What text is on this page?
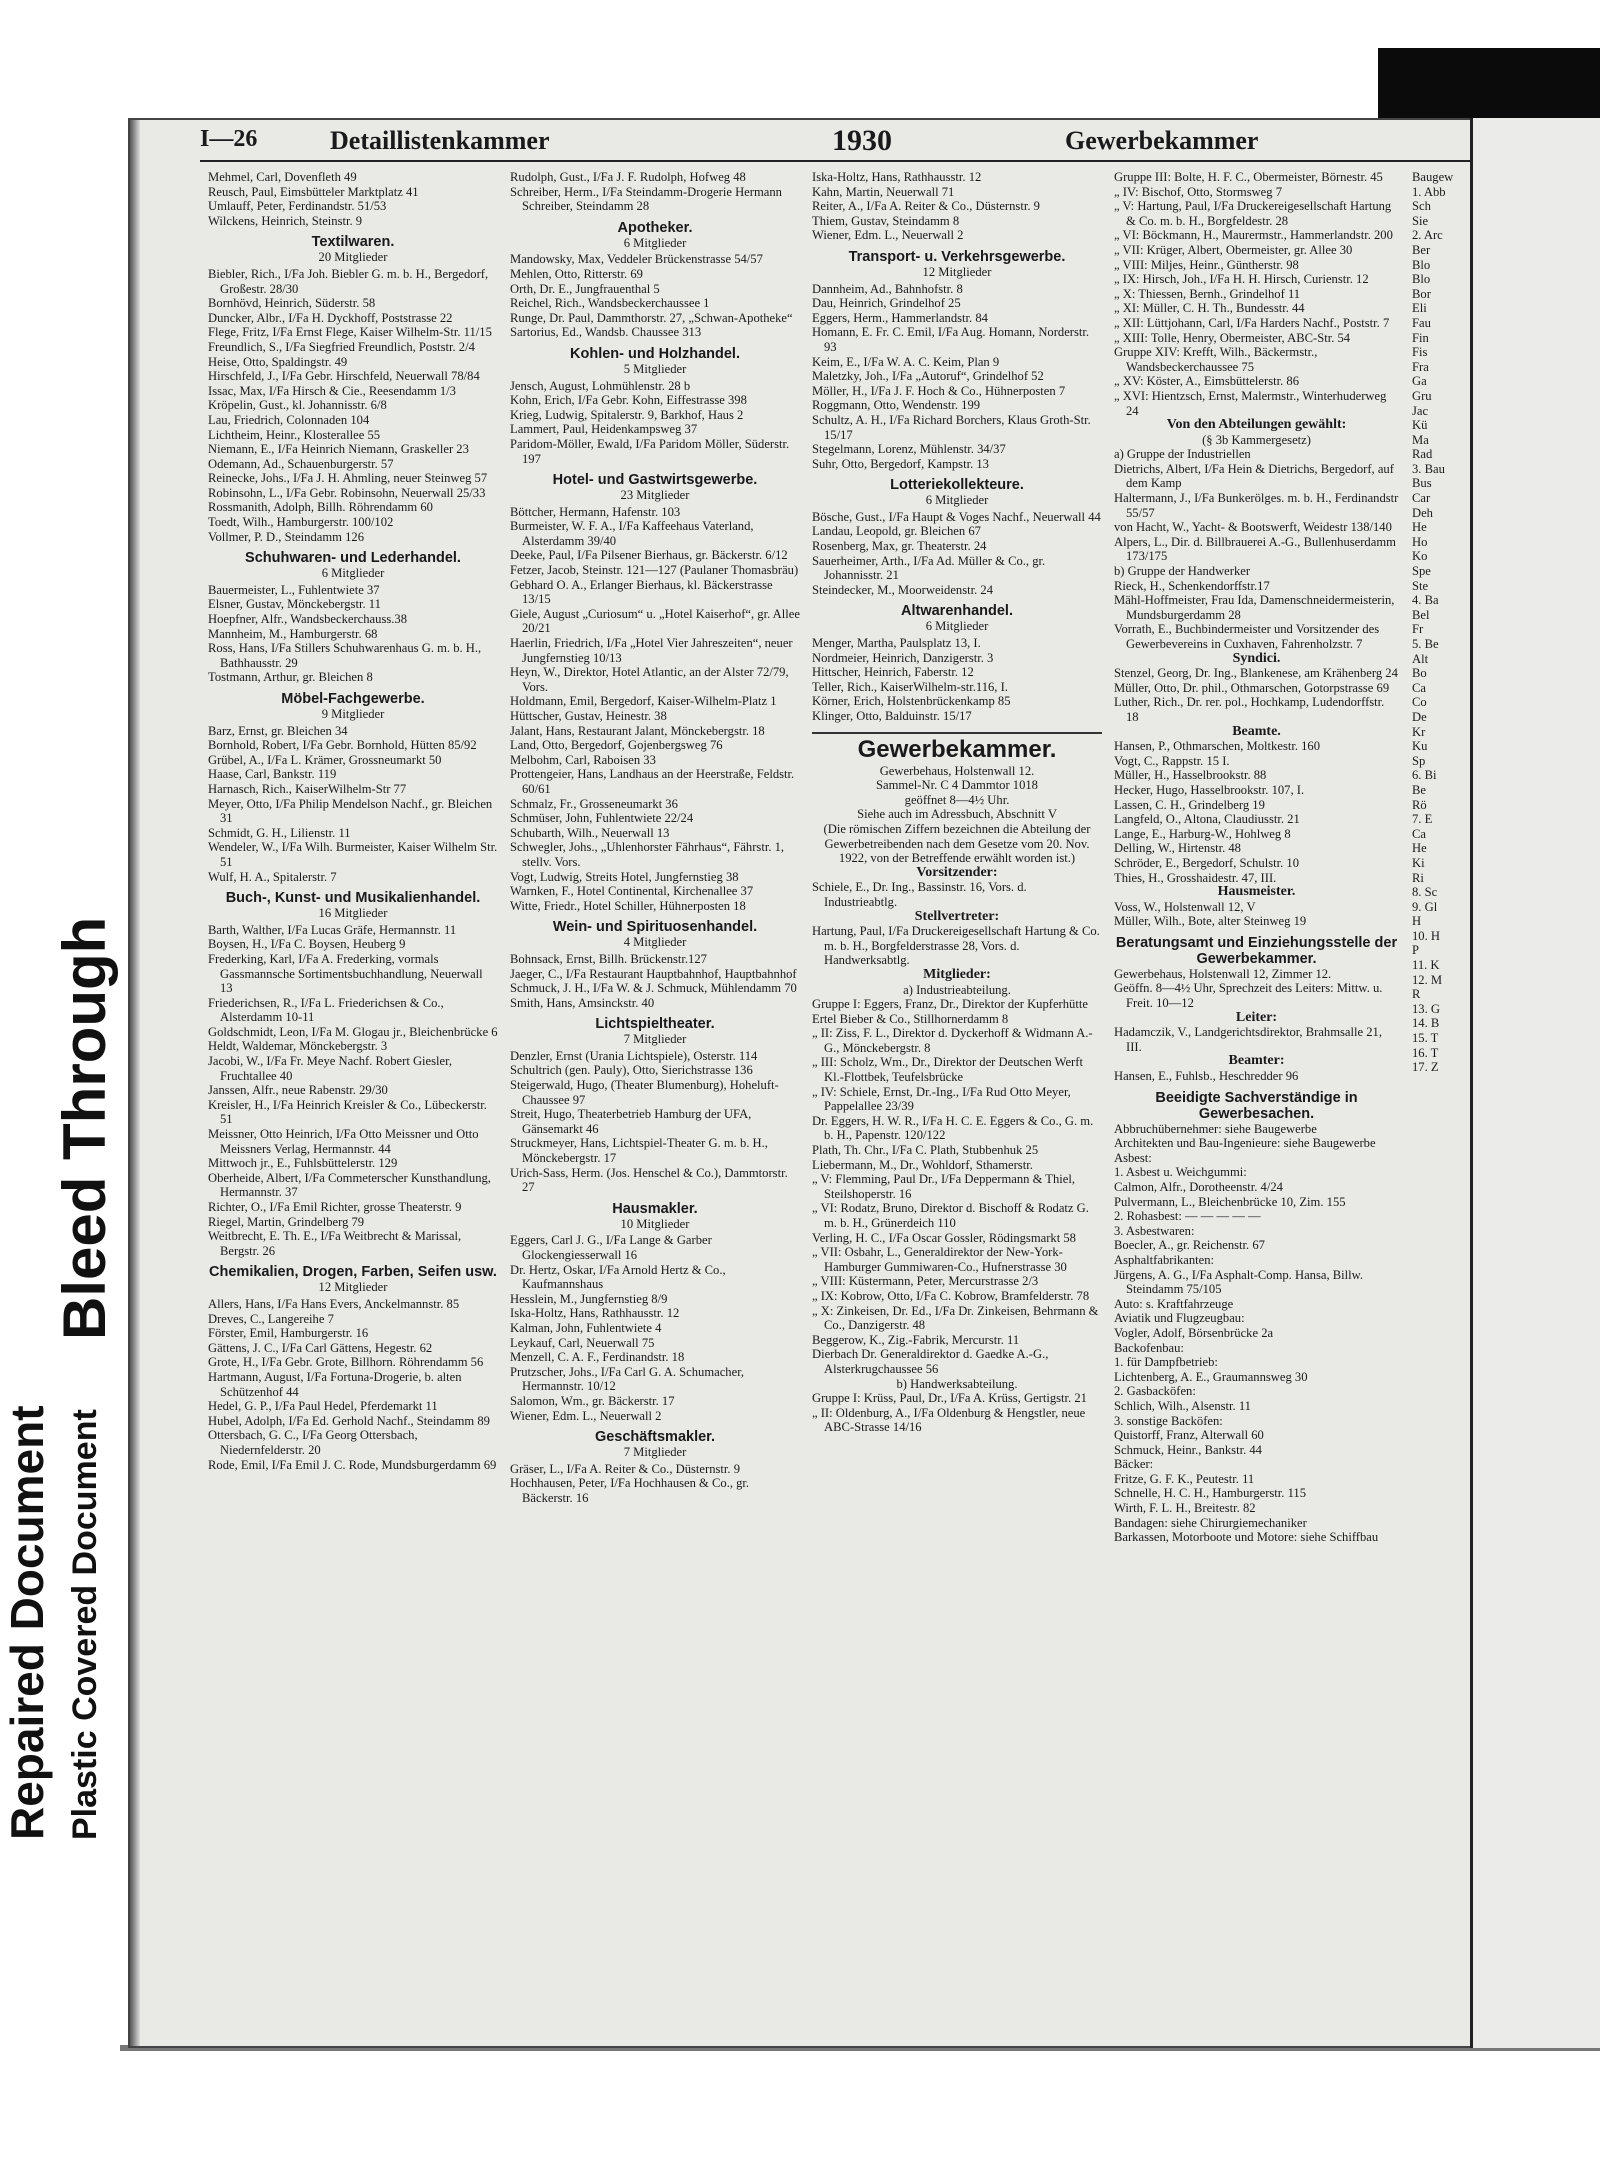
Repaired Document Plastic Covered Document
Bleed Through
I—26	Detaillistenkammer	1930	Gewerbekammer
Mehmel, Carl, Dovenfleth 49
Reusch, Paul, Eimsbütteler Marktplatz 41
Umlauff, Peter, Ferdinandstr. 51/53
Wilckens, Heinrich, Steinstr. 9
Textilwaren.
20 Mitglieder
Biebler, Rich., I/Fa Joh. Biebler G. m. b. H., Bergedorf, Großestr. 28/30
Bornhövd, Heinrich, Süderstr. 58
Duncker, Albr., I/Fa H. Dyckhoff, Poststrasse 22
Flege, Fritz, I/Fa Ernst Flege, Kaiser Wilhelm-Str. 11/15
Freundlich, S., I/Fa Siegfried Freundlich, Poststr. 2/4
Heise, Otto, Spaldingstr. 49
Hirschfeld, J., I/Fa Gebr. Hirschfeld, Neuerwall 78/84
Issac, Max, I/Fa Hirsch & Cie., Reesendamm 1/3
Kröpelin, Gust., kl. Johannisstr. 6/8
Lau, Friedrich, Colonnaden 104
Lichtheim, Heinr., Klosterallee 55
Niemann, E., I/Fa Heinrich Niemann, Graskeller 23
Odemann, Ad., Schauenburgerstr. 57
Reinecke, Johs., I/Fa J. H. Ahmling, neuer Steinweg 57
Robinsohn, L., I/Fa Gebr. Robinsohn, Neuerwall 25/33
Rossmanith, Adolph, Billh. Röhrendamm 60
Toedt, Wilh., Hamburgerstr. 100/102
Vollmer, P. D., Steindamm 126
Schuhwaren- und Lederhandel.
6 Mitglieder
Bauermeister, L., Fuhlentwiete 37
Elsner, Gustav, Mönckebergstr. 11
Hoepfner, Alfr., Wandsbeckerchauss.38
Mannheim, M., Hamburgerstr. 68
Ross, Hans, I/Fa Stillers Schuhwarenhaus G. m. b. H., Bathhausstr. 29
Tostmann, Arthur, gr. Bleichen 8
Möbel-Fachgewerbe.
9 Mitglieder
Barz, Ernst, gr. Bleichen 34
Bornhold, Robert, I/Fa Gebr. Bornhold, Hütten 85/92
Grübel, A., I/Fa L. Krämer, Grossneumarkt 50
Haase, Carl, Bankstr. 119
Harnasch, Rich., KaiserWilhelm-Str 77
Meyer, Otto, I/Fa Philip Mendelson Nachf., gr. Bleichen 31
Schmidt, G. H., Lilienstr. 11
Wendeler, W., I/Fa Wilh. Burmeister, Kaiser Wilhelm Str. 51
Wulf, H. A., Spitalerstr. 7
Buch-, Kunst- und Musikalienhandel.
16 Mitglieder
Barth, Walther, I/Fa Lucas Gräfe, Hermannstr. 11
Boysen, H., I/Fa C. Boysen, Heuberg 9
Frederking, Karl, I/Fa A. Frederking, vormals Gassmannsche Sortimentsbuchhandlung, Neuerwall 13
Friederichsen, R., I/Fa L. Friederichsen & Co., Alsterdamm 10-11
Goldschmidt, Leon, I/Fa M. Glogau jr., Bleichenbrücke 6
Heldt, Waldemar, Mönckebergstr. 3
Jacobi, W., I/Fa Fr. Meye Nachf. Robert Giesler, Fruchtallee 40
Janssen, Alfr., neue Rabenstr. 29/30
Kreisler, H., I/Fa Heinrich Kreisler & Co., Lübeckerstr. 51
Meissner, Otto Heinrich, I/Fa Otto Meissner und Otto Meissners Verlag, Hermannstr. 44
Mittwoch jr., E., Fuhlsbüttelerstr. 129
Oberheide, Albert, I/Fa Commeterscher Kunsthandlung, Hermannstr. 37
Richter, O., I/Fa Emil Richter, grosse Theaterstr. 9
Riegel, Martin, Grindelberg 79
Weitbrecht, E. Th. E., I/Fa Weitbrecht & Marissal, Bergstr. 26
Chemikalien, Drogen, Farben, Seifen usw.
12 Mitglieder
Allers, Hans, I/Fa Hans Evers, Anckelmannstr. 85
Dreves, C., Langereihe 7
Förster, Emil, Hamburgerstr. 16
Gättens, J. C., I/Fa Carl Gättens, Hegestr. 62
Grote, H., I/Fa Gebr. Grote, Billhorn. Röhrendamm 56
Hartmann, August, I/Fa Fortuna-Drogerie, b. alten Schützenhof 44
Hedel, G. P., I/Fa Paul Hedel, Pferdemarkt 11
Hubel, Adolph, I/Fa Ed. Gerhold Nachf., Steindamm 89
Ottersbach, G. C., I/Fa Georg Ottersbach, Niedernfelderstr. 20
Rode, Emil, I/Fa Emil J. C. Rode, Mundsburgerdamm 69
Rudolph, Gust., I/Fa J. F. Rudolph, Hofweg 48
Schreiber, Herm., I/Fa Steindamm-Drogerie Hermann Schreiber, Steindamm 28
Apotheker.
6 Mitglieder
Mandowsky, Max, Veddeler Brückenstrasse 54/57
Mehlen, Otto, Ritterstr. 69
Orth, Dr. E., Jungfrauenthal 5
Reichel, Rich., Wandsbeckerchaussee 1
Runge, Dr. Paul, Dammthorstr. 27, „Schwan-Apotheke“
Sartorius, Ed., Wandsb. Chaussee 313
Kohlen- und Holzhandel.
5 Mitglieder
Jensch, August, Lohmühlenstr. 28 b
Kohn, Erich, I/Fa Gebr. Kohn, Eiffestrasse 398
Krieg, Ludwig, Spitalerstr. 9, Barkhof, Haus 2
Lammert, Paul, Heidenkampsweg 37
Paridom-Möller, Ewald, I/Fa Paridom Möller, Süderstr. 197
Hotel- und Gastwirtsgewerbe.
23 Mitglieder
Böttcher, Hermann, Hafenstr. 103
Burmeister, W. F. A., I/Fa Kaffeehaus Vaterland, Alsterdamm 39/40
Deeke, Paul, I/Fa Pilsener Bierhaus, gr. Bäckerstr. 6/12
Fetzer, Jacob, Steinstr. 121—127 (Paulaner Thomasbräu)
Gebhard O. A., Erlanger Bierhaus, kl. Bäckerstrasse 13/15
Giele, August „Curiosum“ u. „Hotel Kaiserhof“, gr. Allee 20/21
Haerlin, Friedrich, I/Fa „Hotel Vier Jahreszeiten“, neuer Jungfernstieg 10/13
Heyn, W., Direktor, Hotel Atlantic, an der Alster 72/79, Vors.
Holdmann, Emil, Bergedorf, Kaiser-Wilhelm-Platz 1
Hüttscher, Gustav, Heinestr. 38
Jalant, Hans, Restaurant Jalant, Mönckebergstr. 18
Land, Otto, Bergedorf, Gojenbergsweg 76
Melbohm, Carl, Raboisen 33
Prottengeier, Hans, Landhaus an der Heerstraße, Feldstr. 60/61
Schmalz, Fr., Grosseneumarkt 36
Schmüser, John, Fuhlentwiete 22/24
Schubarth, Wilh., Neuerwall 13
Schwegler, Johs., „Uhlenhorster Fährhaus“, Fährstr. 1, stellv. Vors.
Vogt, Ludwig, Streits Hotel, Jungfernstieg 38
Warnken, F., Hotel Continental, Kirchenallee 37
Witte, Friedr., Hotel Schiller, Hühnerposten 18
Wein- und Spirituosenhandel.
4 Mitglieder
Bohnsack, Ernst, Billh. Brückenstr.127
Jaeger, C., I/Fa Restaurant Hauptbahnhof, Hauptbahnhof
Schmuck, J. H., I/Fa W. & J. Schmuck, Mühlendamm 70
Smith, Hans, Amsinckstr. 40
Lichtspieltheater.
7 Mitglieder
Denzler, Ernst (Urania Lichtspiele), Osterstr. 114
Schultrich (gen. Pauly), Otto, Sierichstrasse 136
Steigerwald, Hugo, (Theater Blumenburg), Hoheluft-Chaussee 97
Streit, Hugo, Theaterbetrieb Hamburg der UFA, Gänsemarkt 46
Struckmeyer, Hans, Lichtspiel-Theater G. m. b. H., Mönckebergstr. 17
Urich-Sass, Herm. (Jos. Henschel & Co.), Dammtorstr. 27
Hausmakler.
10 Mitglieder
Eggers, Carl J. G., I/Fa Lange & Garber Glockengiesserwall 16
Dr. Hertz, Oskar, I/Fa Arnold Hertz & Co., Kaufmannshaus
Hesslein, M., Jungfernstieg 8/9
Iska-Holtz, Hans, Rathhausstr. 12
Kalman, John, Fuhlentwiete 4
Leykauf, Carl, Neuerwall 75
Menzell, C. A. F., Ferdinandstr. 18
Prutzscher, Johs., I/Fa Carl G. A. Schumacher, Hermannstr. 10/12
Salomon, Wm., gr. Bäckerstr. 17
Wiener, Edm. L., Neuerwall 2
Geschäftsmakler.
7 Mitglieder
Gräser, L., I/Fa A. Reiter & Co., Düsternstr. 9
Hochhausen, Peter, I/Fa Hochhausen & Co., gr. Bäckerstr. 16
Iska-Holtz, Hans, Rathhausstr. 12
Kahn, Martin, Neuerwall 71
Reiter, A., I/Fa A. Reiter & Co., Düsternstr. 9
Thiem, Gustav, Steindamm 8
Wiener, Edm. L., Neuerwall 2
Transport- u. Verkehrsgewerbe.
12 Mitglieder
Dannheim, Ad., Bahnhofstr. 8
Dau, Heinrich, Grindelhof 25
Eggers, Herm., Hammerlandstr. 84
Homann, E. Fr. C. Emil, I/Fa Aug. Homann, Norderstr. 93
Keim, E., I/Fa W. A. C. Keim, Plan 9
Maletzky, Joh., I/Fa „Autoruf“, Grindelhof 52
Möller, H., I/Fa J. F. Hoch & Co., Hühnerposten 7
Roggmann, Otto, Wendenstr. 199
Schultz, A. H., I/Fa Richard Borchers, Klaus Groth-Str. 15/17
Stegelmann, Lorenz, Mühlenstr. 34/37
Suhr, Otto, Bergedorf, Kampstr. 13
Lotteriekollekteure.
6 Mitglieder
Bösche, Gust., I/Fa Haupt & Voges Nachf., Neuerwall 44
Landau, Leopold, gr. Bleichen 67
Rosenberg, Max, gr. Theaterstr. 24
Sauerheimer, Arth., I/Fa Ad. Müller & Co., gr. Johannisstr. 21
Steindecker, M., Moorweidenstr. 24
Altwarenhandel.
6 Mitglieder
Menger, Martha, Paulsplatz 13, I.
Nordmeier, Heinrich, Danzigerstr. 3
Hittscher, Heinrich, Faberstr. 12
Teller, Rich., KaiserWilhelm-str.116, I.
Körner, Erich, Holstenbrückenkamp 85
Klinger, Otto, Balduinstr. 15/17
Gewerbekammer.
Gewerbehaus, Holstenwall 12.
Sammel-Nr. C 4 Dammtor 1018
geöffnet 8—4½ Uhr.
Siehe auch im Adressbuch, Abschnitt V
(Die römischen Ziffern bezeichnen die Abteilung der Gewerbetreibenden nach dem Gesetze vom 20. Nov. 1922, von der Betreffende erwählt worden ist.)
Vorsitzender:
Schiele, E., Dr. Ing., Bassinstr. 16, Vors. d. Industrieabtlg.
Stellvertreter:
Hartung, Paul, I/Fa Druckereigesellschaft Hartung & Co. m. b. H., Borgfelderstrasse 28, Vors. d. Handwerksabtlg.
Mitglieder:
a) Industrieabteilung.
Gruppe I: Eggers, Franz, Dr., Direktor der Kupferhütte
Ertel Bieber & Co., Stillhornerdamm 8
„ II: Ziss, F. L., Direktor d. Dyckerhoff & Widmann A.-G., Mönckebergstr. 8
„ III: Scholz, Wm., Dr., Direktor der Deutschen Werft Kl.-Flottbek, Teufelsbrücke
„ IV: Schiele, Ernst, Dr.-Ing., I/Fa Rud Otto Meyer, Pappelallee 23/39
Dr. Eggers, H. W. R., I/Fa H. C. E. Eggers & Co., G. m. b. H., Papenstr. 120/122
Plath, Th. Chr., I/Fa C. Plath, Stubbenhuk 25
Liebermann, M., Dr., Wohldorf, Sthamerstr.
„ V: Flemming, Paul Dr., I/Fa Deppermann & Thiel, Steilshoperstr. 16
„ VI: Rodatz, Bruno, Direktor d. Bischoff & Rodatz G. m. b. H., Grünerdeich 110
Verling, H. C., I/Fa Oscar Gossler, Rödingsmarkt 58
„ VII: Osbahr, L., Generaldirektor der New-York-Hamburger Gummiwaren-Co., Hufnerstrasse 30
„ VIII: Küstermann, Peter, Mercurstrasse 2/3
„ IX: Kobrow, Otto, I/Fa C. Kobrow, Bramfelderstr. 78
„ X: Zinkeisen, Dr. Ed., I/Fa Dr. Zinkeisen, Behrmann & Co., Danzigerstr. 48
Beggerow, K., Zig.-Fabrik, Mercurstr. 11
Dierbach Dr. Generaldirektor d. Gaedke A.-G., Alsterkrugchaussee 56
b) Handwerksabteilung.
Gruppe I: Krüss, Paul, Dr., I/Fa A. Krüss, Gertigstr. 21
„ II: Oldenburg, A., I/Fa Oldenburg & Hengstler, neue ABC-Strasse 14/16
Gruppe III: Bolte, H. F. C., Obermeister, Börnestr. 45
„ IV: Bischof, Otto, Stormsweg 7
„ V: Hartung, Paul, I/Fa Druckereigesellschaft Hartung & Co. m. b. H., Borgfeldestr. 28
„ VI: Böckmann, H., Maurermstr., Hammerlandstr. 200
„ VII: Krüger, Albert, Obermeister, gr. Allee 30
„ VIII: Miljes, Heinr., Güntherstr. 98
„ IX: Hirsch, Joh., I/Fa H. H. Hirsch, Curienstr. 12
„ X: Thiessen, Bernh., Grindelhof 11
„ XI: Müller, C. H. Th., Bundesstr. 44
„ XII: Lüttjohann, Carl, I/Fa Harders Nachf., Poststr. 7
„ XIII: Tolle, Henry, Obermeister, ABC-Str. 54
Gruppe XIV: Krefft, Wilh., Bäckermstr., Wandsbeckerchaussee 75
„ XV: Köster, A., Eimsbüttelerstr. 86
„ XVI: Hientzsch, Ernst, Malermstr., Winterhuderweg 24
Von den Abteilungen gewählt:
(§ 3b Kammergesetz)
a) Gruppe der Industriellen
Dietrichs, Albert, I/Fa Hein & Dietrichs, Bergedorf, auf dem Kamp
Haltermann, J., I/Fa Bunkerölges. m. b. H., Ferdinandstr 55/57
von Hacht, W., Yacht- & Bootswerft, Weidestr 138/140
Alpers, L., Dir. d. Billbrauerei A.-G., Bullenhuserdamm 173/175
b) Gruppe der Handwerker
Rieck, H., Schenkendorffstr.17
Mähl-Hoffmeister, Frau Ida, Damenschneidermeisterin, Mundsburgerdamm 28
Vorrath, E., Buchbindermeister und Vorsitzender des Gewerbevereins in Cuxhaven, Fahrenholzstr. 7
Syndici.
Stenzel, Georg, Dr. Ing., Blankenese, am Krähenberg 24
Müller, Otto, Dr. phil., Othmarschen, Gotorpstrasse 69
Luther, Rich., Dr. rer. pol., Hochkamp, Ludendorffstr. 18
Beamte.
Hansen, P., Othmarschen, Moltkestr. 160
Vogt, C., Rappstr. 15 I.
Müller, H., Hasselbrookstr. 88
Hecker, Hugo, Hasselbrookstr. 107, I.
Lassen, C. H., Grindelberg 19
Langfeld, O., Altona, Claudiusstr. 21
Lange, E., Harburg-W., Hohlweg 8
Delling, W., Hirtenstr. 48
Schröder, E., Bergedorf, Schulstr. 10
Thies, H., Grosshaidestr. 47, III.
Hausmeister.
Voss, W., Holstenwall 12, V
Müller, Wilh., Bote, alter Steinweg 19
Beratungsamt und Einziehungsstelle der Gewerbekammer.
Gewerbehaus, Holstenwall 12, Zimmer 12.
Geöffn. 8—4½ Uhr, Sprechzeit des Leiters: Mittw. u. Freit. 10—12
Leiter:
Hadamczik, V., Landgerichtsdirektor, Brahmsalle 21, III.
Beamter:
Hansen, E., Fuhlsb., Heschredder 96
Beeidigte Sachverständige in Gewerbesachen.
Abbruchübernehmer: siehe Baugewerbe
Architekten und Bau-Ingenieure: siehe Baugewerbe
Asbest:
1. Asbest u. Weichgummi:
Calmon, Alfr., Dorotheenstr. 4/24
Pulvermann, L., Bleichenbrücke 10, Zim. 155
2. Rohasbest: — — — — —
3. Asbestwaren:
Boecler, A., gr. Reichenstr. 67
Asphaltfabrikanten:
Jürgens, A. G., I/Fa Asphalt-Comp. Hansa, Billw. Steindamm 75/105
Auto: s. Kraftfahrzeuge
Aviatik und Flugzeugbau:
Vogler, Adolf, Börsenbrücke 2a
Backofenbau:
1. für Dampfbetrieb:
Lichtenberg, A. E., Graumannsweg 30
2. Gasbacköfen:
Schlich, Wilh., Alsenstr. 11
3. sonstige Backöfen:
Quistorff, Franz, Alterwall 60
Schmuck, Heinr., Bankstr. 44
Bäcker:
Fritze, G. F. K., Peutestr. 11
Schnelle, H. C. H., Hamburgerstr. 115
Wirth, F. L. H., Breitestr. 82
Bandagen: siehe Chirurgiemechaniker
Barkassen, Motorboote und Motore: siehe Schiffbau
Baugew
1. Abb
Sch
Sie
2. Arc
Ber
Blo
Blo
Bor
Eli
Fau
Fin
Fis
Fra
Ga
Gru
Jac
Kü
Ma
Rad
3. Bau
Bus
Car
Deh
He
Ho
Ko
Spe
Ste
4. Ba
Bel
Fr
5. Be
Alt
Bo
Ca
Co
De
Kr
Ku
Sp
6. Bi
Be
Rö
7. E
Ca
He
Ki
Ri
8. Sc
9. Gl
H
10. H
P
11. K
12. M
R
13. G
14. B
15. T
16. T
17. Z
